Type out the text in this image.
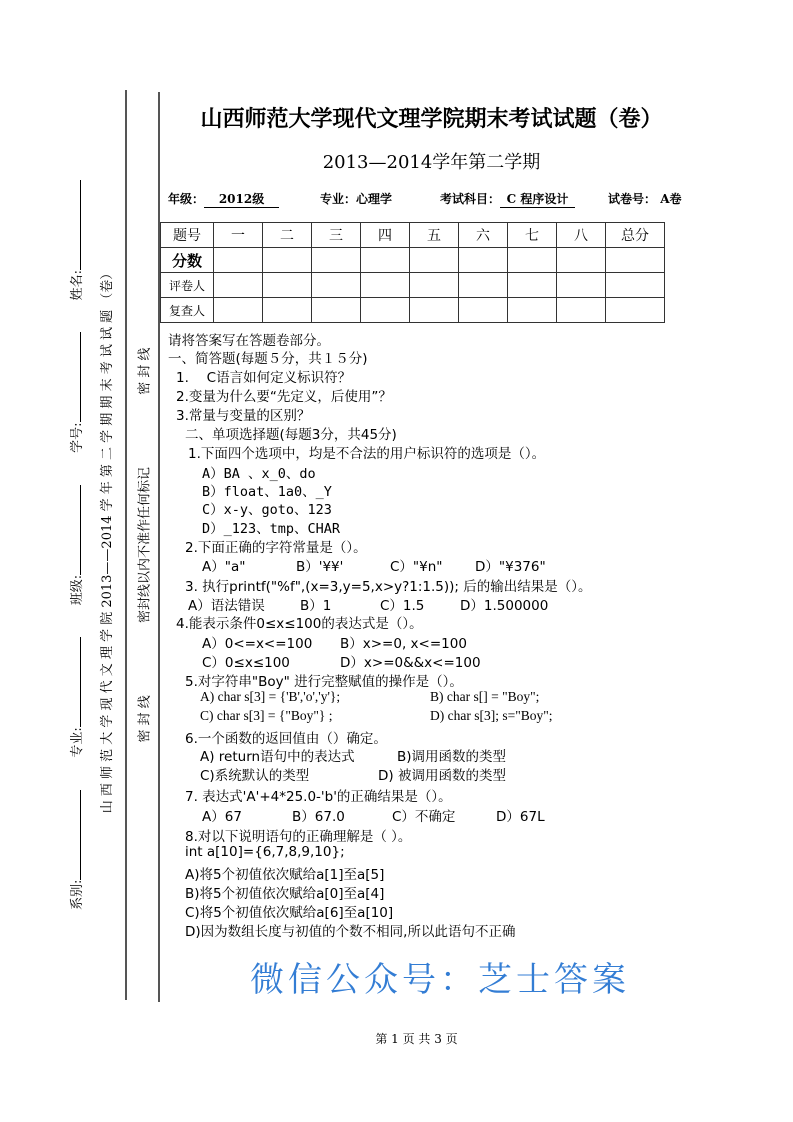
系别:
专业:
班级:
学号:
姓名:	山 西 师 范 大 学 现 代 文 理 学 院 2013——2014 学 年 第 二 学 期 期 末 考 试 试 题 （卷）	密 封 线
密封线以内不准作任何标记
密 封 线
山西师范大学现代文理学院期末考试试题（卷）
2013—2014学年第二学期
年级： 2012级	专业：心理学	考试科目： C 程序设计	试卷号： A卷
题号	一	二	三	四	五	六	七	八	总分
分数									
评卷人									
复查人									
请将答案写在答题卷部分。
一、简答题(每题５分，共１５分)
1.　 C语言如何定义标识符？
2.变量为什么要“先定义，后使用”？
3.常量与变量的区别？
二、单项选择题(每题3分，共45分)
1.下面四个选项中，均是不合法的用户标识符的选项是（）。
A）BA 、x_0、do
B）float、1a0、_Y
C）x-y、goto、123
D）_123、tmp、CHAR
2.下面正确的字符常量是（）。
A）"a"	B）'¥¥'	C）"¥n" D）"¥376"
3. 执行printf("%f",(x=3,y=5,x>y?1:1.5)); 后的输出结果是（）。
A）语法错误	B）1	C）1.5	D）1.500000
4.能表示条件0≤x≤100的表达式是（）。
A）0<=x<=100 B）x>=0, x<=100
C）0≤x≤100	D）x>=0&&x<=100
5.对字符串"Boy" 进行完整赋值的操作是（）。
A) char s[3] = {'B','o','y'};	B) char s[] = "Boy";
C) char s[3] = {"Boy"} ;	D) char s[3]; s="Boy";
6.一个函数的返回值由（）确定。
A) return语句中的表达式	B)调用函数的类型
C)系统默认的类型	D) 被调用函数的类型
7. 表达式'A'+4*25.0-'b'的正确结果是（）。
A）67	B）67.0	C）不确定	D）67L
8.对以下说明语句的正确理解是（ ）。
int a[10]={6,7,8,9,10};
A)将5个初值依次赋给a[1]至a[5]
B)将5个初值依次赋给a[0]至a[4]
C)将5个初值依次赋给a[6]至a[10]
D)因为数组长度与初值的个数不相同,所以此语句不正确
微信公众号：芝士答案
第 1 页 共 3 页
